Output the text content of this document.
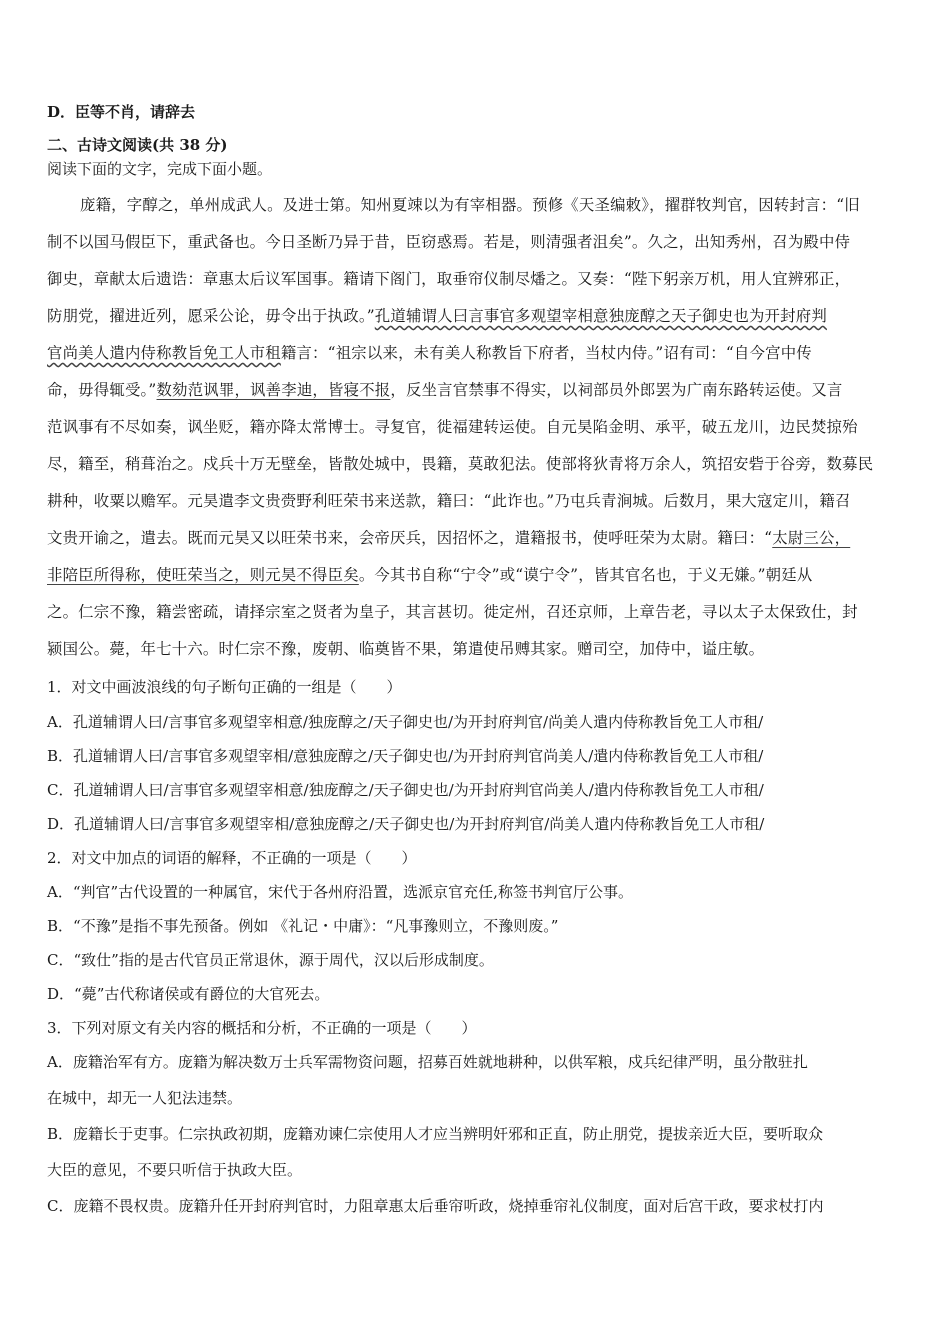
D．臣等不肖，请辞去
二、古诗文阅读(共 38 分)
阅读下面的文字，完成下面小题。
庞籍，字醇之，单州成武人。及进士第。知州夏竦以为有宰相器。预修《天圣编敕》，擢群牧判官，因转封言：“旧
制不以国马假臣下，重武备也。今日圣断乃异于昔，臣窃惑焉。若是，则清强者沮矣”。久之，出知秀州，召为殿中侍
御史，章献太后遗诰：章惠太后议军国事。籍请下阁门，取垂帘仪制尽燔之。又奏：“陛下躬亲万机，用人宜辨邪正，
防朋党，擢进近列，愿采公论，毋令出于执政。”孔道辅谓人曰言事官多观望宰相意独庞醇之天子御史也为开封府判
官尚美人遣内侍称教旨免工人市租籍言：“祖宗以来，未有美人称教旨下府者，当杖内侍。”诏有司：“自今宫中传
命，毋得辄受。”数劾范讽罪，讽善李迪，皆寝不报，反坐言官禁事不得实，以祠部员外郎罢为广南东路转运使。又言
范讽事有不尽如奏，讽坐贬，籍亦降太常博士。寻复官，徙福建转运使。自元昊陷金明、承平，破五龙川，边民焚掠殆
尽，籍至，稍葺治之。戍兵十万无壁垒，皆散处城中，畏籍，莫敢犯法。使部将狄青将万余人，筑招安砦于谷旁，数募民
耕种，收粟以赡军。元昊遣李文贵赍野利旺荣书来送款，籍曰：“此诈也。”乃屯兵青涧城。后数月，果大寇定川，籍召
文贵开谕之，遣去。既而元昊又以旺荣书来，会帝厌兵，因招怀之，遣籍报书，使呼旺荣为太尉。籍曰：“太尉三公，
非陪臣所得称，使旺荣当之，则元昊不得臣矣。今其书自称“宁令”或“谟宁令”，皆其官名也，于义无嫌。”朝廷从
之。仁宗不豫，籍尝密疏，请择宗室之贤者为皇子，其言甚切。徙定州，召还京师，上章告老，寻以太子太保致仕，封
颍国公。薨，年七十六。时仁宗不豫，废朝、临奠皆不果，第遣使吊赙其家。赠司空，加侍中，谥庄敏。
1．对文中画波浪线的句子断句正确的一组是（　　）
A．孔道辅谓人曰/言事官多观望宰相意/独庞醇之/天子御史也/为开封府判官/尚美人遣内侍称教旨免工人市租/
B．孔道辅谓人曰/言事官多观望宰相/意独庞醇之/天子御史也/为开封府判官尚美人/遣内侍称教旨免工人市租/
C．孔道辅谓人曰/言事官多观望宰相意/独庞醇之/天子御史也/为开封府判官尚美人/遣内侍称教旨免工人市租/
D．孔道辅谓人曰/言事官多观望宰相/意独庞醇之/天子御史也/为开封府判官/尚美人遣内侍称教旨免工人市租/
2．对文中加点的词语的解释，不正确的一项是（　　）
A．“判官”古代设置的一种属官，宋代于各州府沿置，选派京官充任,称签书判官厅公事。
B．“不豫”是指不事先预备。例如 《礼记・中庸》：“凡事豫则立，不豫则废。”
C．“致仕”指的是古代官员正常退休，源于周代，汉以后形成制度。
D．“薨”古代称诸侯或有爵位的大官死去。
3．下列对原文有关内容的概括和分析，不正确的一项是（　　）
A．庞籍治军有方。庞籍为解决数万士兵军需物资问题，招募百姓就地耕种，以供军粮，戍兵纪律严明，虽分散驻扎
在城中，却无一人犯法违禁。
B．庞籍长于吏事。仁宗执政初期，庞籍劝谏仁宗使用人才应当辨明奸邪和正直，防止朋党，提拔亲近大臣，要听取众
大臣的意见，不要只听信于执政大臣。
C．庞籍不畏权贵。庞籍升任开封府判官时，力阻章惠太后垂帘听政，烧掉垂帘礼仪制度，面对后宫干政，要求杖打内
